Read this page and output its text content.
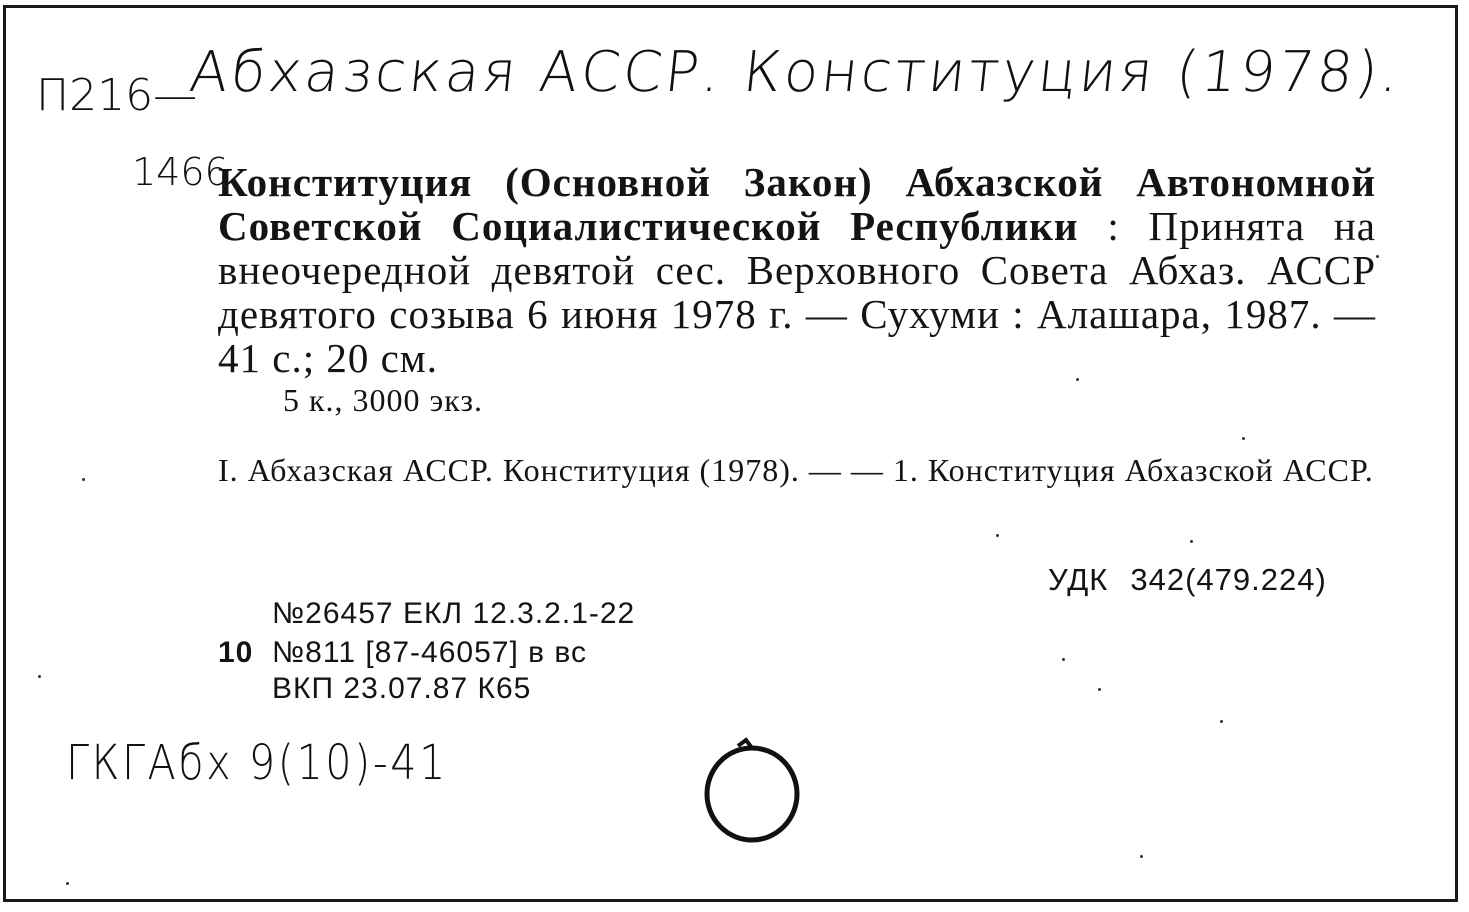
П216—
Абхазская АССР. Конституция (1978).
1466

Конституция (Основной Закон) Абхазской Автономной Советской Социалистической Республики : Принята на внеочередной девятой сес. Верховного Совета Абхаз. АССР девятого созыва 6 июня 1978 г. — Сухуми : Алашара, 1987. — 41 с.; 20 см.

5 к., 3000 экз.

I. Абхазская АССР. Конституция (1978). — — 1. Конституция Абхазской АССР.

УДК 342(479.224)
№26457 ЕКЛ 12.3.2.1-22
10 №811 [87-46057] в вс
ВКП 23.07.87 К65
ГКГАбх 9(10)-41
